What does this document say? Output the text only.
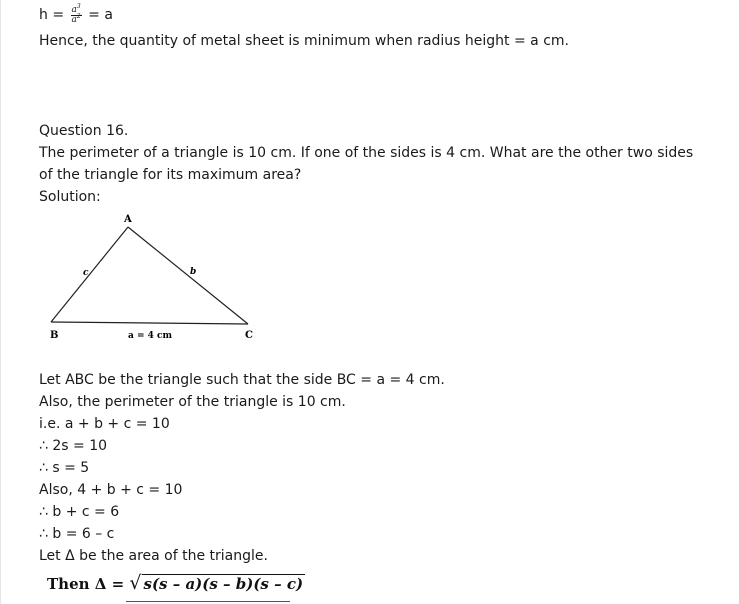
$h = \frac{a^3}{a^2} = a$
Hence, the quantity of metal sheet is minimum when radius height = a cm.
Question 16.
The perimeter of a triangle is 10 cm. If one of the sides is 4 cm. What are the other two sides of the triangle for its maximum area?
Solution:
A
B	C
c	b
a = 4 cm
Let ABC be the triangle such that the side BC = a = 4 cm.
Also, the perimeter of the triangle is 10 cm.
i.e. a + b + c = 10
∴ 2s = 10
∴ s = 5
Also, 4 + b + c = 10
∴ b + c = 6
∴ b = 6 – c
Let Δ be the area of the triangle.
Then Δ = √ s(s – a)(s – b)(s – c)
